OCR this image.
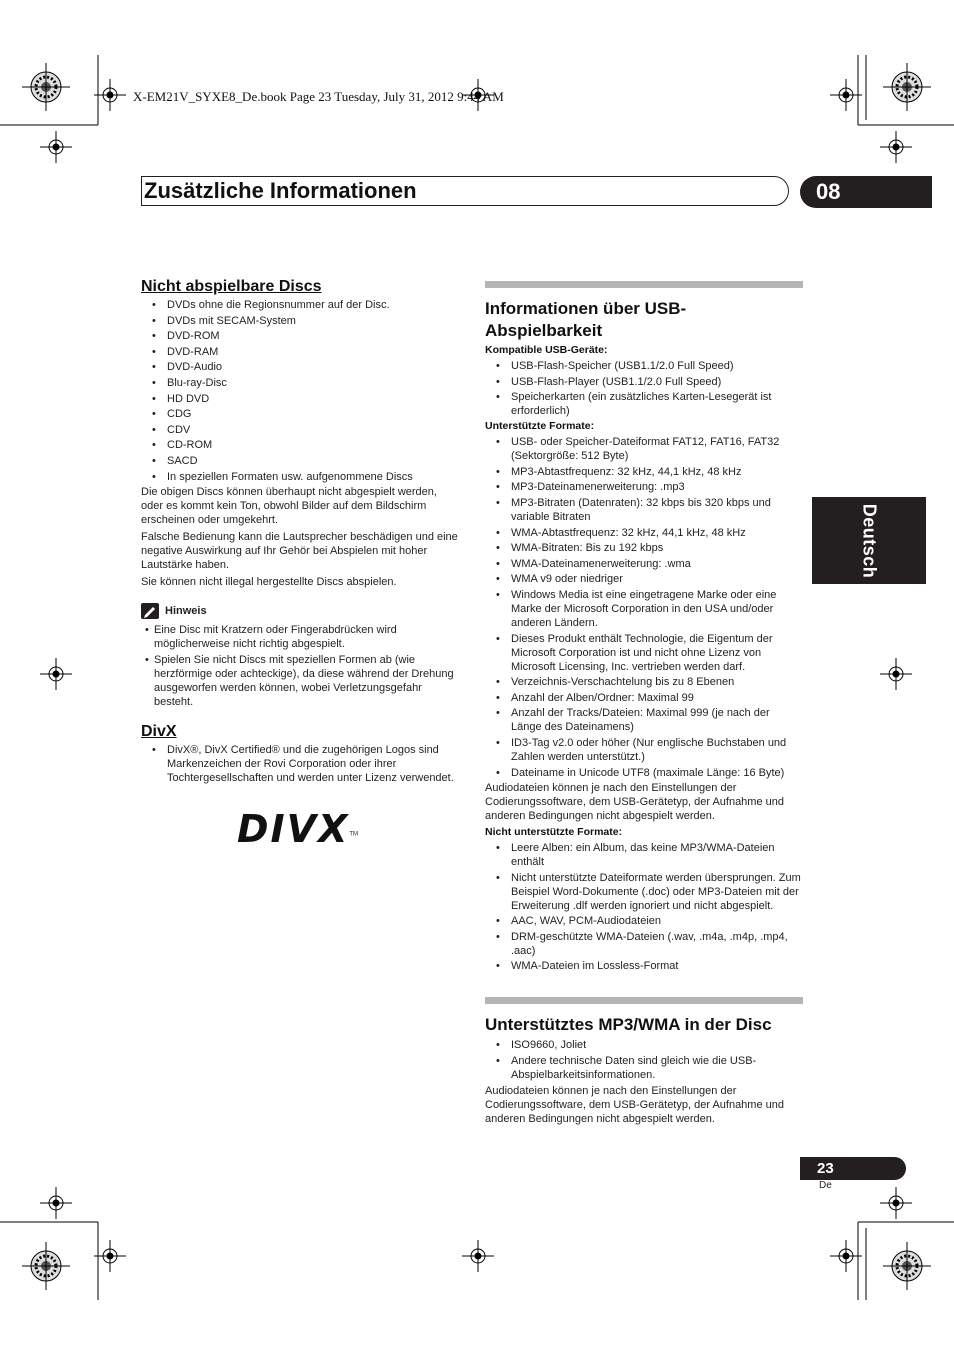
X-EM21V_SYXE8_De.book Page 23 Tuesday, July 31, 2012 9:44 AM
Zusätzliche Informationen	08
Deutsch
Nicht abspielbare Discs
• DVDs ohne die Regionsnummer auf der Disc.
• DVDs mit SECAM-System
• DVD-ROM
• DVD-RAM
• DVD-Audio
• Blu-ray-Disc
• HD DVD
• CDG
• CDV
• CD-ROM
• SACD
• In speziellen Formaten usw. aufgenommene Discs

Die obigen Discs können überhaupt nicht abgespielt werden, oder es kommt kein Ton, obwohl Bilder auf dem Bildschirm erscheinen oder umgekehrt.

Falsche Bedienung kann die Lautsprecher beschädigen und eine negative Auswirkung auf Ihr Gehör bei Abspielen mit hoher Lautstärke haben.

Sie können nicht illegal hergestellte Discs abspielen.

Hinweis
• Eine Disc mit Kratzern oder Fingerabdrücken wird möglicherweise nicht richtig abgespielt.
• Spielen Sie nicht Discs mit speziellen Formen ab (wie herzförmige oder achteckige), da diese während der Drehung ausgeworfen werden können, wobei Verletzungsgefahr besteht.
DivX
• DivX®, DivX Certified® und die zugehörigen Logos sind Markenzeichen der Rovi Corporation oder ihrer Tochtergesellschaften und werden unter Lizenz verwendet.
DIVX™
Informationen über USB-Abspielbarkeit
Kompatible USB-Geräte:
• USB-Flash-Speicher (USB1.1/2.0 Full Speed)
• USB-Flash-Player (USB1.1/2.0 Full Speed)
• Speicherkarten (ein zusätzliches Karten-Lesegerät ist erforderlich)
Unterstützte Formate:
• USB- oder Speicher-Dateiformat FAT12, FAT16, FAT32 (Sektorgröße: 512 Byte)
• MP3-Abtastfrequenz: 32 kHz, 44,1 kHz, 48 kHz
• MP3-Dateinamenerweiterung: .mp3
• MP3-Bitraten (Datenraten): 32 kbps bis 320 kbps und variable Bitraten
• WMA-Abtastfrequenz: 32 kHz, 44,1 kHz, 48 kHz
• WMA-Bitraten: Bis zu 192 kbps
• WMA-Dateinamenerweiterung: .wma
• WMA v9 oder niedriger
• Windows Media ist eine eingetragene Marke oder eine Marke der Microsoft Corporation in den USA und/oder anderen Ländern.
• Dieses Produkt enthält Technologie, die Eigentum der Microsoft Corporation ist und nicht ohne Lizenz von Microsoft Licensing, Inc. vertrieben werden darf.
• Verzeichnis-Verschachtelung bis zu 8 Ebenen
• Anzahl der Alben/Ordner: Maximal 99
• Anzahl der Tracks/Dateien: Maximal 999 (je nach der Länge des Dateinamens)
• ID3-Tag v2.0 oder höher (Nur englische Buchstaben und Zahlen werden unterstützt.)
• Dateiname in Unicode UTF8 (maximale Länge: 16 Byte)

Audiodateien können je nach den Einstellungen der Codierungssoftware, dem USB-Gerätetyp, der Aufnahme und anderen Bedingungen nicht abgespielt werden.

Nicht unterstützte Formate:
• Leere Alben: ein Album, das keine MP3/WMA-Dateien enthält
• Nicht unterstützte Dateiformate werden übersprungen. Zum Beispiel Word-Dokumente (.doc) oder MP3-Dateien mit der Erweiterung .dlf werden ignoriert und nicht abgespielt.
• AAC, WAV, PCM-Audiodateien
• DRM-geschützte WMA-Dateien (.wav, .m4a, .m4p, .mp4, .aac)
• WMA-Dateien im Lossless-Format
Unterstütztes MP3/WMA in der Disc
• ISO9660, Joliet
• Andere technische Daten sind gleich wie die USB-Abspielbarkeitsinformationen.

Audiodateien können je nach den Einstellungen der Codierungssoftware, dem USB-Gerätetyp, der Aufnahme und anderen Bedingungen nicht abgespielt werden.

23
De
